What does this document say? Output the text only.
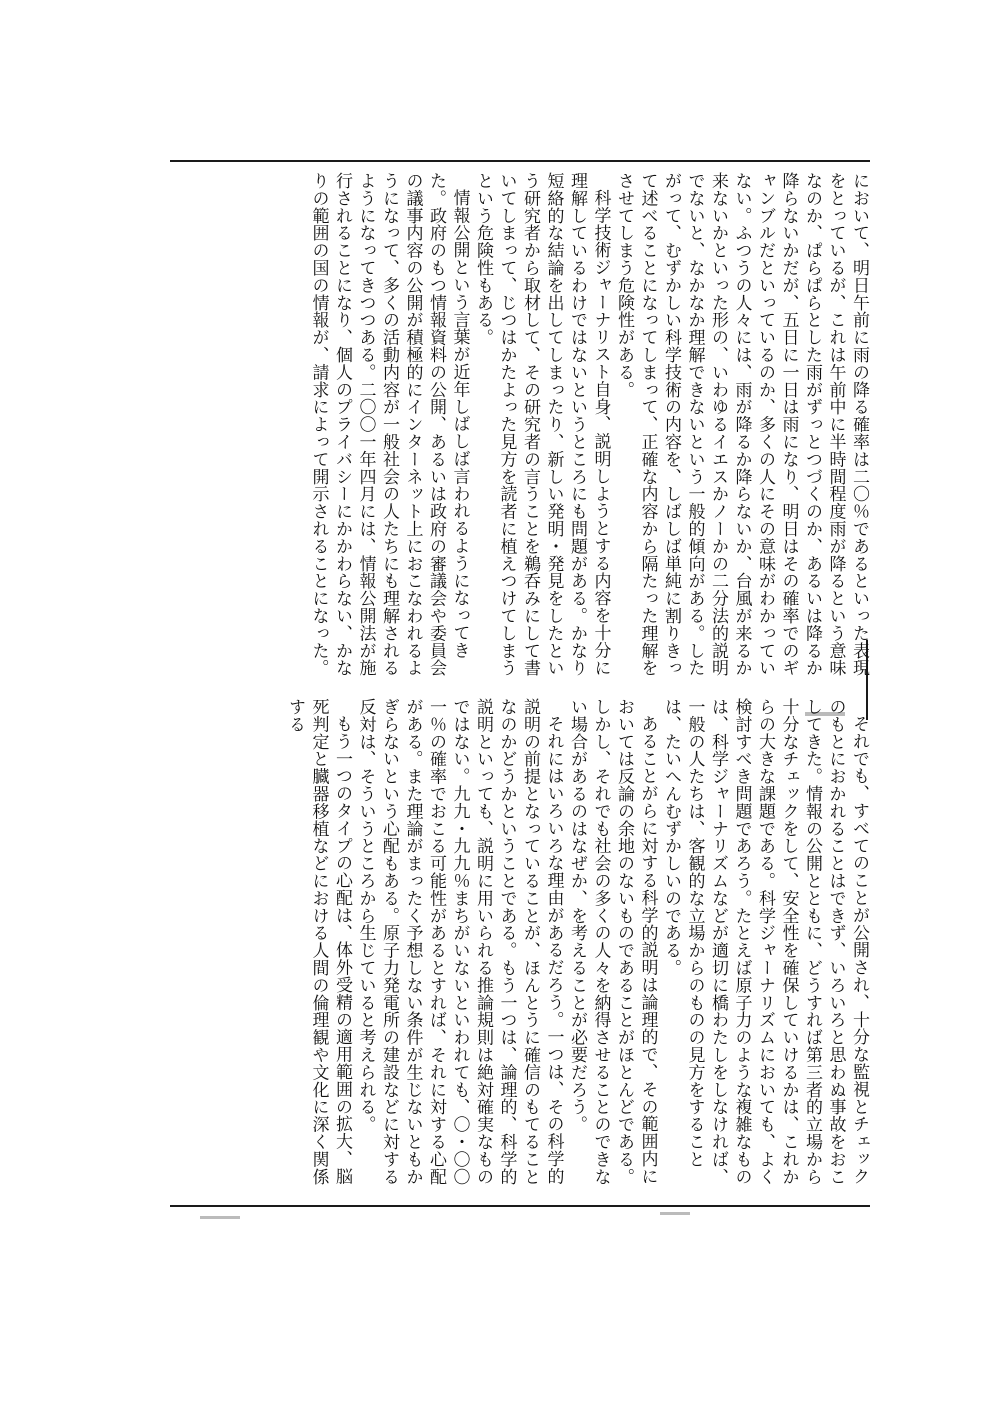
において、明日午前に雨の降る確率は二〇％であるといった表現をとっているが、これは午前中に半時間程度雨が降るという意味なのか、ぱらぱらとした雨がずっとつづくのか、あるいは降るか降らないかだが、五日に一日は雨になり、明日はその確率でのギャンブルだといっているのか、多くの人にその意味がわかっていない。ふつうの人々には、雨が降るか降らないか、台風が来るか来ないかといった形の、いわゆるイエスかノーかの二分法的説明でないと、なかなか理解できないという一般的傾向がある。したがって、むずかしい科学技術の内容を、しばしば単純に割りきって述べることになってしまって、正確な内容から隔たった理解をさせてしまう危険性がある。

科学技術ジャーナリスト自身、説明しようとする内容を十分に理解しているわけではないというところにも問題がある。かなり短絡的な結論を出してしまったり、新しい発明・発見をしたという研究者から取材して、その研究者の言うことを鵜呑みにして書いてしまって、じつはかたよった見方を読者に植えつけてしまうという危険性もある。

情報公開という言葉が近年しばしば言われるようになってきた。政府のもつ情報資料の公開、あるいは政府の審議会や委員会の議事内容の公開が積極的にインターネット上におこなわれるようになって、多くの活動内容が一般社会の人たちにも理解されるようになってきつつある。二〇〇一年四月には、情報公開法が施行されることになり、個人のプライバシーにかかわらない、かなりの範囲の国の情報が、請求によって開示されることになった。

それでも、すべてのことが公開され、十分な監視とチェックのもとにおかれることはできず、いろいろと思わぬ事故をおこしてきた。情報の公開とともに、どうすれば第三者的立場から十分なチェックをして、安全性を確保していけるかは、これからの大きな課題である。科学ジャーナリズムにおいても、よく検討すべき問題であろう。たとえば原子力のような複雑なものは、科学ジャーナリズムなどが適切に橋わたしをしなければ、一般の人たちは、客観的な立場からのものの見方をすることは、たいへんむずかしいのである。

あることがらに対する科学的説明は論理的で、その範囲内においては反論の余地のないものであることがほとんどである。しかし、それでも社会の多くの人々を納得させることのできない場合があるのはなぜか、を考えることが必要だろう。

それにはいろいろな理由があるだろう。一つは、その科学的説明の前提となっていることが、ほんとうに確信のもてることなのかどうかということである。もう一つは、論理的、科学的説明といっても、説明に用いられる推論規則は絶対確実なものではない。九九・九九％まちがいないといわれても、〇・〇〇一％の確率でおこる可能性があるとすれば、それに対する心配がある。また理論がまったく予想しない条件が生じないともかぎらないという心配もある。原子力発電所の建設などに対する反対は、そういうところから生じていると考えられる。

もう一つのタイプの心配は、体外受精の適用範囲の拡大、脳死判定と臓器移植などにおける人間の倫理観や文化に深く関係する
